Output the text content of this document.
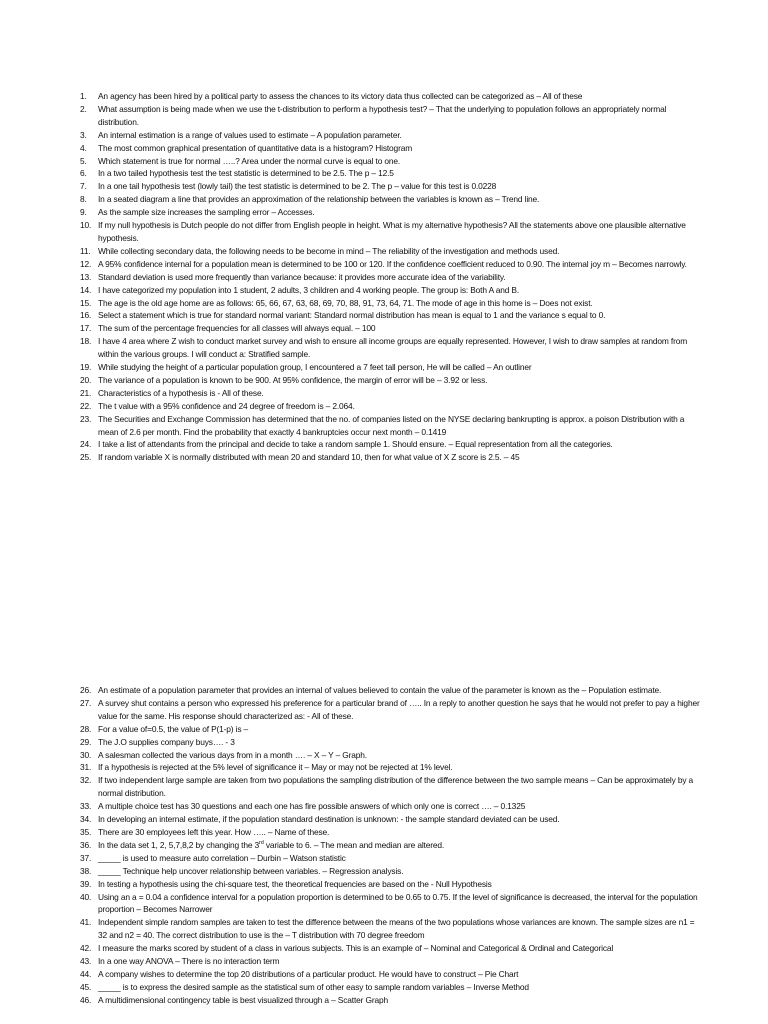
1. An agency has been hired by a political party to assess the chances to its victory data thus collected can be categorized as – All of these
2. What assumption is being made when we use the t-distribution to perform a hypothesis test? – That the underlying to population follows an appropriately normal distribution.
3. An internal estimation is a range of values used to estimate – A population parameter.
4. The most common graphical presentation of quantitative data is a histogram? Histogram
5. Which statement is true for normal …..? Area under the normal curve is equal to one.
6. In a two tailed hypothesis test the test statistic is determined to be 2.5. The p – 12.5
7. In a one tail hypothesis test (lowly tail) the test statistic is determined to be 2. The p – value for this test is 0.0228
8. In a seated diagram a line that provides an approximation of the relationship between the variables is known as – Trend line.
9. As the sample size increases the sampling error – Accesses.
10. If my null hypothesis is Dutch people do not differ from English people in height. What is my alternative hypothesis? All the statements above one plausible alternative hypothesis.
11. While collecting secondary data, the following needs to be become in mind – The reliability of the investigation and methods used.
12. A 95% confidence internal for a population mean is determined to be 100 or 120. If the confidence coefficient reduced to 0.90. The internal joy m – Becomes narrowly.
13. Standard deviation is used more frequently than variance because: it provides more accurate idea of the variability.
14. I have categorized my population into 1 student, 2 adults, 3 children and 4 working people. The group is: Both A and B.
15. The age is the old age home are as follows: 65, 66, 67, 63, 68, 69, 70, 88, 91, 73, 64, 71. The mode of age in this home is – Does not exist.
16. Select a statement which is true for standard normal variant: Standard normal distribution has mean is equal to 1 and the variance s equal to 0.
17. The sum of the percentage frequencies for all classes will always equal. – 100
18. I have 4 area where Z wish to conduct market survey and wish to ensure all income groups are equally represented. However, I wish to draw samples at random from within the various groups. I will conduct a: Stratified sample.
19. While studying the height of a particular population group, I encountered a 7 feet tall person, He will be called – An outliner
20. The variance of a population is known to be 900. At 95% confidence, the margin of error will be – 3.92 or less.
21. Characteristics of a hypothesis is - All of these.
22. The t value with a 95% confidence and 24 degree of freedom is – 2.064.
23. The Securities and Exchange Commission has determined that the no. of companies listed on the NYSE declaring bankrupting is approx. a poison Distribution with a mean of 2.6 per month. Find the probability that exactly 4 bankruptcies occur next month – 0.1419
24. I take a list of attendants from the principal and decide to take a random sample 1. Should ensure. – Equal representation from all the categories.
25. If random variable X is normally distributed with mean 20 and standard 10, then for what value of X Z score is 2.5. – 45
26. An estimate of a population parameter that provides an internal of values believed to contain the value of the parameter is known as the – Population estimate.
27. A survey shut contains a person who expressed his preference for a particular brand of ….. In a reply to another question he says that he would not prefer to pay a higher value for the same. His response should characterized as: - All of these.
28. For a value of=0.5, the value of P(1-p) is –
29. The J.O supplies company buys…. - 3
30. A salesman collected the various days from in a month …. – X – Y – Graph.
31. If a hypothesis is rejected at the 5% level of significance it – May or may not be rejected at 1% level.
32. If two independent large sample are taken from two populations the sampling distribution of the difference between the two sample means – Can be approximately by a normal distribution.
33. A multiple choice test has 30 questions and each one has fire possible answers of which only one is correct …. – 0.1325
34. In developing an internal estimate, if the population standard destination is unknown: - the sample standard deviated can be used.
35. There are 30 employees left this year. How ….. – Name of these.
36. In the data set 1, 2, 5,7,8,2 by changing the 3rd variable to 6. – The mean and median are altered.
37. _____ is used to measure auto correlation – Durbin – Watson statistic
38. _____ Technique help uncover relationship between variables. – Regression analysis.
39. In testing a hypothesis using the chi-square test, the theoretical frequencies are based on the - Null Hypothesis
40. Using an a = 0.04 a confidence interval for a population proportion is determined to be 0.65 to 0.75. If the level of significance is decreased, the interval for the population proportion – Becomes Narrower
41. Independent simple random samples are taken to test the difference between the means of the two populations whose variances are known. The sample sizes are n1 = 32 and n2 = 40. The correct distribution to use is the – T distribution with 70 degree freedom
42. I measure the marks scored by student of a class in various subjects. This is an example of – Nominal and Categorical & Ordinal and Categorical
43. In a one way ANOVA – There is no interaction term
44. A company wishes to determine the top 20 distributions of a particular product. He would have to construct – Pie Chart
45. _____ is to express the desired sample as the statistical sum of other easy to sample random variables – Inverse Method
46. A multidimensional contingency table is best visualized through a – Scatter Graph
